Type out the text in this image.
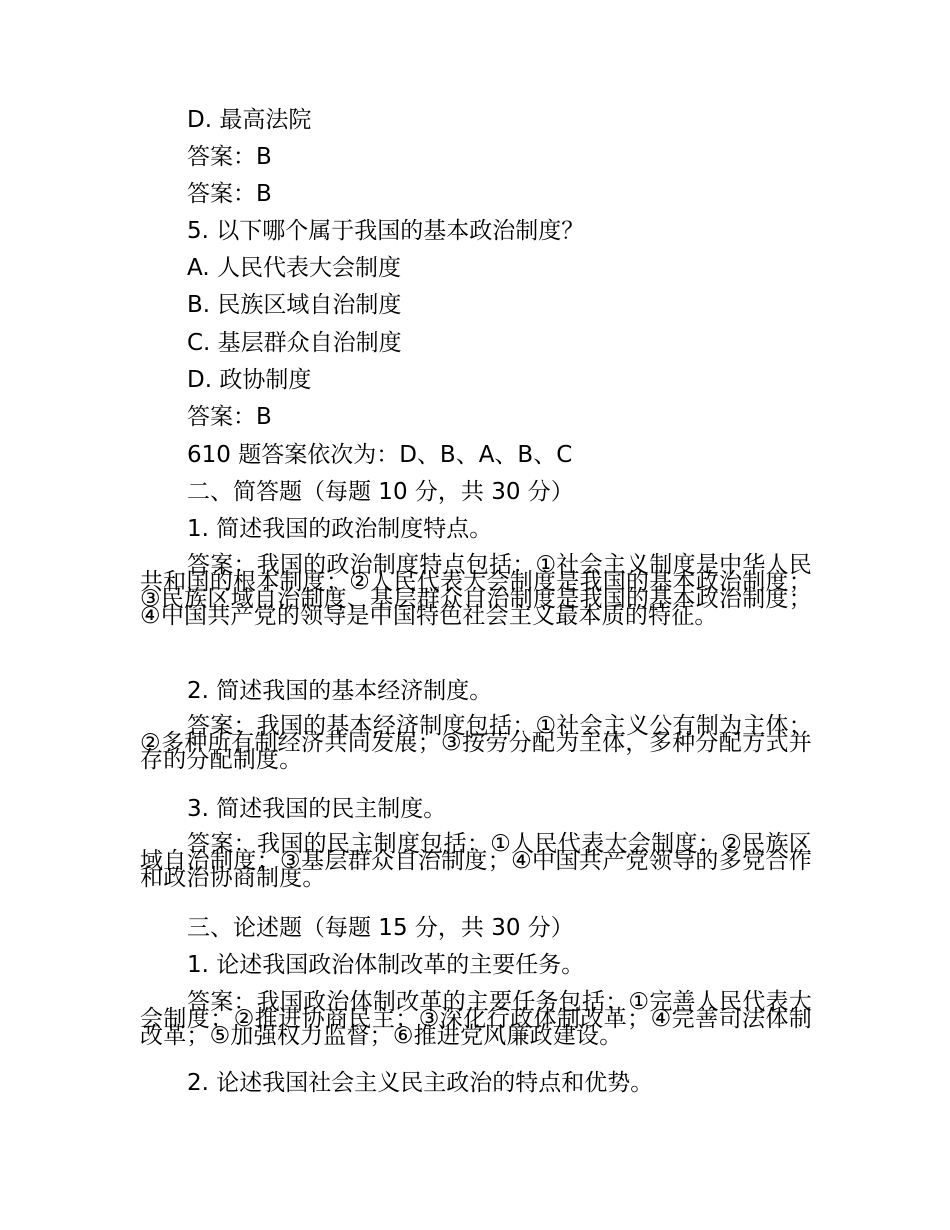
D. 最高法院
答案：B
答案：B
5. 以下哪个属于我国的基本政治制度？
A. 人民代表大会制度
B. 民族区域自治制度
C. 基层群众自治制度
D. 政协制度
答案：B
610 题答案依次为：D、B、A、B、C
二、简答题（每题 10 分，共 30 分）
1. 简述我国的政治制度特点。
答案：我国的政治制度特点包括：①社会主义制度是中华人民共和国的根本制度；②人民代表大会制度是我国的基本政治制度；③民族区域自治制度、基层群众自治制度是我国的基本政治制度；④中国共产党的领导是中国特色社会主义最本质的特征。
2. 简述我国的基本经济制度。
答案：我国的基本经济制度包括：①社会主义公有制为主体；②多种所有制经济共同发展；③按劳分配为主体，多种分配方式并存的分配制度。
3. 简述我国的民主制度。
答案：我国的民主制度包括：①人民代表大会制度；②民族区域自治制度；③基层群众自治制度；④中国共产党领导的多党合作和政治协商制度。
三、论述题（每题 15 分，共 30 分）
1. 论述我国政治体制改革的主要任务。
答案：我国政治体制改革的主要任务包括：①完善人民代表大会制度；②推进协商民主；③深化行政体制改革；④完善司法体制改革；⑤加强权力监督；⑥推进党风廉政建设。
2. 论述我国社会主义民主政治的特点和优势。
